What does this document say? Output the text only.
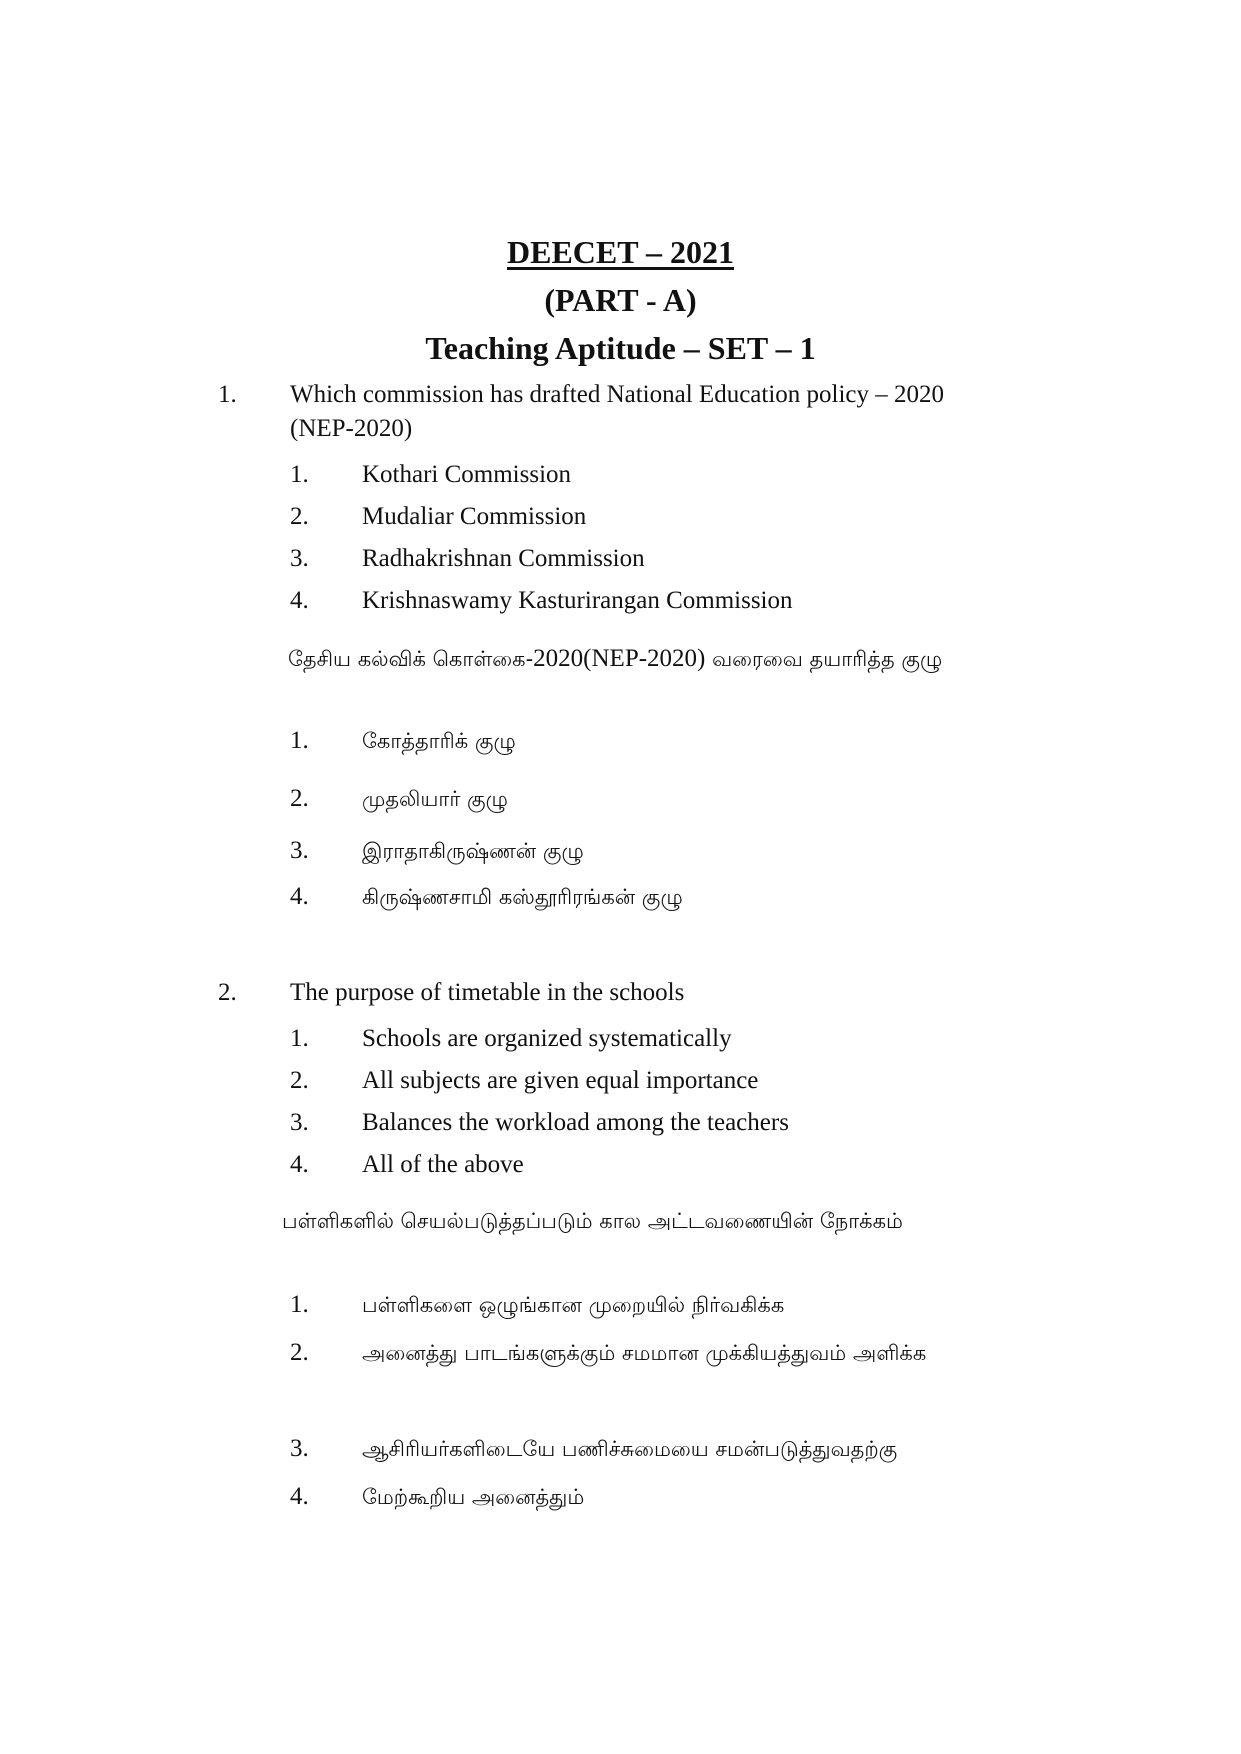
DEECET – 2021
(PART - A)
Teaching Aptitude – SET – 1
1. Which commission has drafted National Education policy – 2020 (NEP-2020)
1. Kothari Commission
2. Mudaliar Commission
3. Radhakrishnan Commission
4. Krishnaswamy Kasturirangan Commission
தேசிய கல்விக் கொள்கை-2020(NEP-2020) வரைவை தயாரித்த குழு
1.	கோத்தாரிக் குழு
2.	முதலியார் குழு
3.	இராதாகிருஷ்ணன் குழு
4.	கிருஷ்ணசாமி கஸ்தூரிரங்கன் குழு
2. The purpose of timetable in the schools
1. Schools are organized systematically
2. All subjects are given equal importance
3. Balances the workload among the teachers
4. All of the above
பள்ளிகளில் செயல்படுத்தப்படும் கால அட்டவணையின் நோக்கம்
1.	பள்ளிகளை ஒழுங்கான முறையில் நிர்வகிக்க
2.	அனைத்து பாடங்களுக்கும் சமமான முக்கியத்துவம் அளிக்க
3.	ஆசிரியர்களிடையே பணிச்சுமையை சமன்படுத்துவதற்கு
4.	மேற்கூறிய அனைத்தும்
